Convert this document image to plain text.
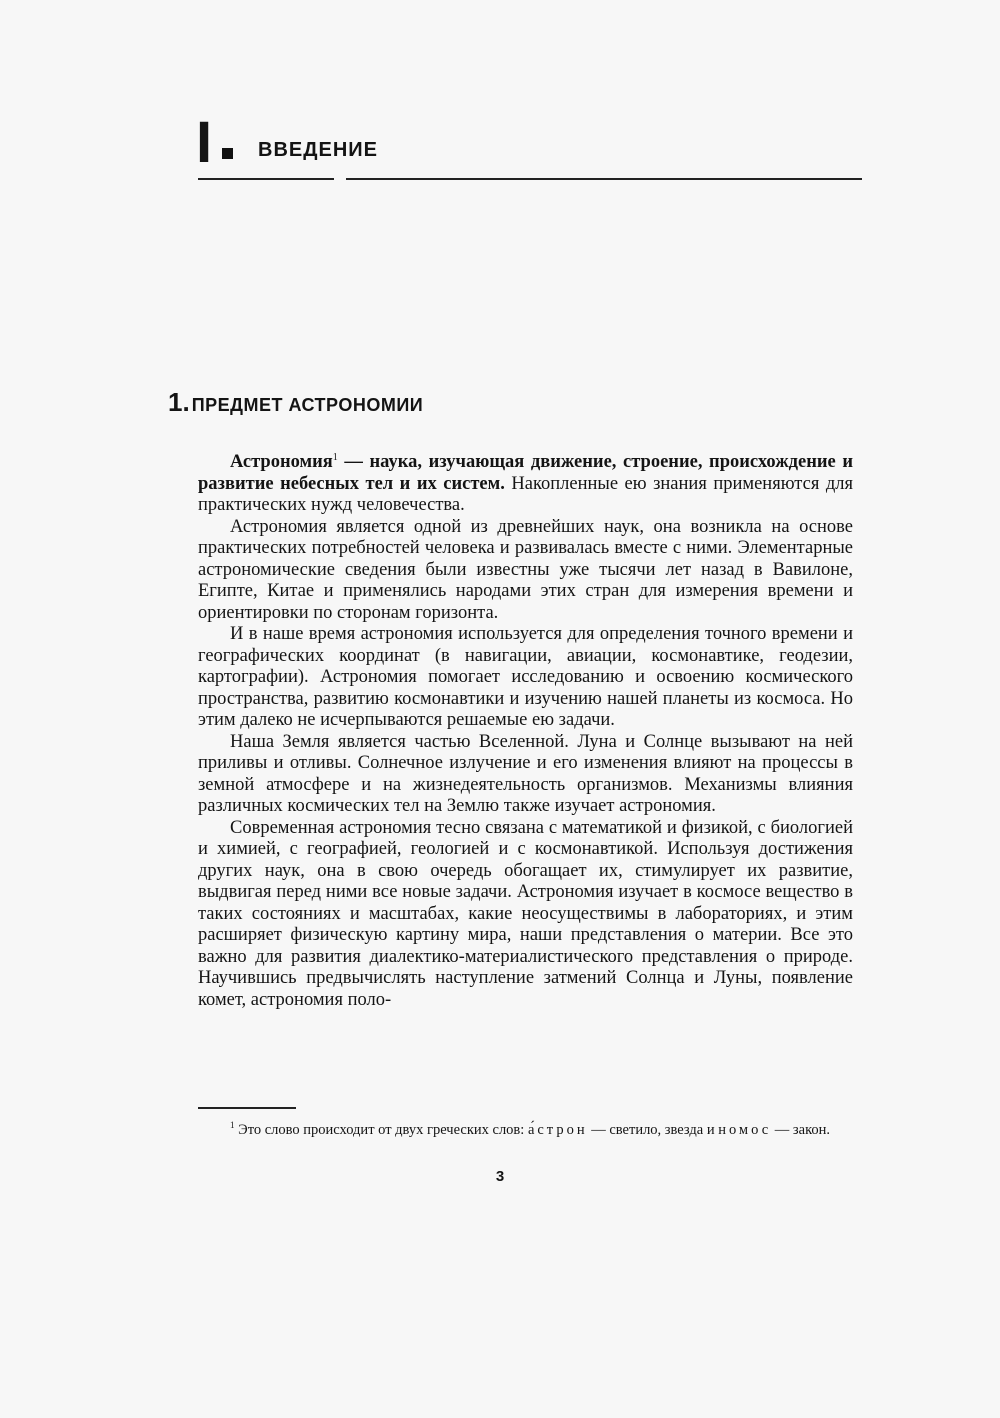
I ВВЕДЕНИЕ
1. ПРЕДМЕТ АСТРОНОМИИ

Астрономия$^1$ — наука, изучающая движение, строение, происхождение и развитие небесных тел и их систем. Накопленные ею знания применяются для практических нужд человечества.

Астрономия является одной из древнейших наук, она возникла на основе практических потребностей человека и развивалась вместе с ними. Элементарные астрономические сведения были известны уже тысячи лет назад в Вавилоне, Египте, Китае и применялись народами этих стран для измерения времени и ориентировки по сторонам горизонта.

И в наше время астрономия используется для определения точного времени и географических координат (в навигации, авиации, космонавтике, геодезии, картографии). Астрономия помогает исследованию и освоению космического пространства, развитию космонавтики и изучению нашей планеты из космоса. Но этим далеко не исчерпываются решаемые ею задачи.

Наша Земля является частью Вселенной. Луна и Солнце вызывают на ней приливы и отливы. Солнечное излучение и его изменения влияют на процессы в земной атмосфере и на жизнедеятельность организмов. Механизмы влияния различных космических тел на Землю также изучает астрономия.

Современная астрономия тесно связана с математикой и физикой, с биологией и химией, с географией, геологией и с космонавтикой. Используя достижения других наук, она в свою очередь обогащает их, стимулирует их развитие, выдвигая перед ними все новые задачи. Астрономия изучает в космосе вещество в таких состояниях и масштабах, какие неосуществимы в лабораториях, и этим расширяет физическую картину мира, наши представления о материи. Все это важно для развития диалектико-материалистического представления о природе. Научившись предвычислять наступление затмений Солнца и Луны, появление комет, астрономия поло-

$^1$ Это слово происходит от двух греческих слов: а́строн — светило, звезда и номос — закон.
3
